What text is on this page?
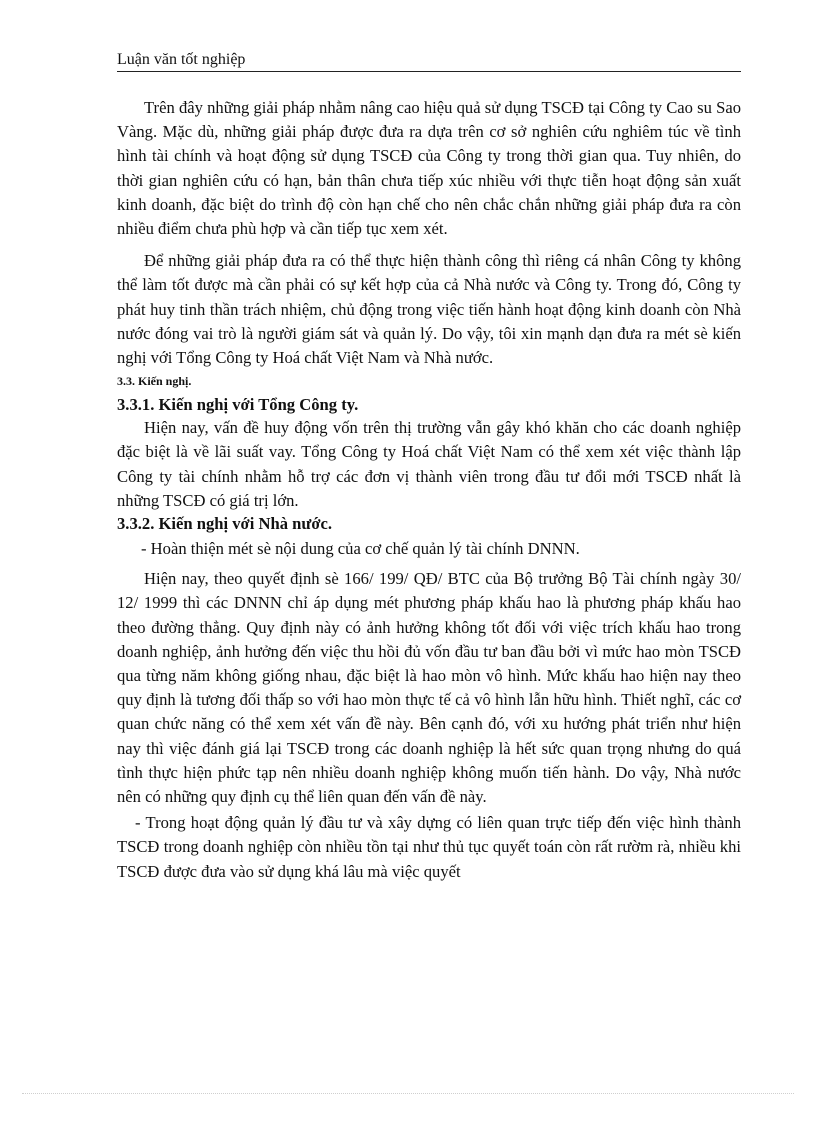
Luận văn tốt nghiệp

Trên đây những giải pháp nhằm nâng cao hiệu quả sử dụng TSCĐ tại Công ty Cao su Sao Vàng. Mặc dù, những giải pháp được đưa ra dựa trên cơ sở nghiên cứu nghiêm túc về tình hình tài chính và hoạt động sử dụng TSCĐ của Công ty trong thời gian qua. Tuy nhiên, do thời gian nghiên cứu có hạn, bản thân chưa tiếp xúc nhiều với thực tiễn hoạt động sản xuất kinh doanh, đặc biệt do trình độ còn hạn chế cho nên chắc chắn những giải pháp đưa ra còn nhiều điểm chưa phù hợp và cần tiếp tục xem xét.

Để những giải pháp đưa ra có thể thực hiện thành công thì riêng cá nhân Công ty không thể làm tốt được mà cần phải có sự kết hợp của cả Nhà nước và Công ty. Trong đó, Công ty phát huy tinh thần trách nhiệm, chủ động trong việc tiến hành hoạt động kinh doanh còn Nhà nước đóng vai trò là người giám sát và quản lý. Do vậy, tôi xin mạnh dạn đưa ra mét sè kiến nghị với Tổng Công ty Hoá chất Việt Nam và Nhà nước.

3.3. Kiến nghị.
3.3.1. Kiến nghị với Tổng Công ty.

Hiện nay, vấn đề huy động vốn trên thị trường vẫn gây khó khăn cho các doanh nghiệp đặc biệt là về lãi suất vay. Tổng Công ty Hoá chất Việt Nam có thể xem xét việc thành lập Công ty tài chính nhằm hỗ trợ các đơn vị thành viên trong đầu tư đổi mới TSCĐ nhất là những TSCĐ có giá trị lớn.

3.3.2. Kiến nghị với Nhà nước.

- Hoàn thiện mét sè nội dung của cơ chế quản lý tài chính DNNN.

Hiện nay, theo quyết định sè 166/ 199/ QĐ/ BTC của Bộ trưởng Bộ Tài chính ngày 30/ 12/ 1999 thì các DNNN chỉ áp dụng mét phương pháp khấu hao là phương pháp khấu hao theo đường thẳng. Quy định này có ảnh hưởng không tốt đối với việc trích khấu hao trong doanh nghiệp, ảnh hưởng đến việc thu hồi đủ vốn đầu tư ban đầu bởi vì mức hao mòn TSCĐ qua từng năm không giống nhau, đặc biệt là hao mòn vô hình. Mức khấu hao hiện nay theo quy định là tương đối thấp so với hao mòn thực tế cả vô hình lẫn hữu hình. Thiết nghĩ, các cơ quan chức năng có thể xem xét vấn đề này. Bên cạnh đó, với xu hướng phát triển như hiện nay thì việc đánh giá lại TSCĐ trong các doanh nghiệp là hết sức quan trọng nhưng do quá tình thực hiện phức tạp nên nhiều doanh nghiệp không muốn tiến hành. Do vậy, Nhà nước nên có những quy định cụ thể liên quan đến vấn đề này.

- Trong hoạt động quản lý đầu tư và xây dựng có liên quan trực tiếp đến việc hình thành TSCĐ trong doanh nghiệp còn nhiều tồn tại như thủ tục quyết toán còn rất rườm rà, nhiều khi TSCĐ được đưa vào sử dụng khá lâu mà việc quyết
